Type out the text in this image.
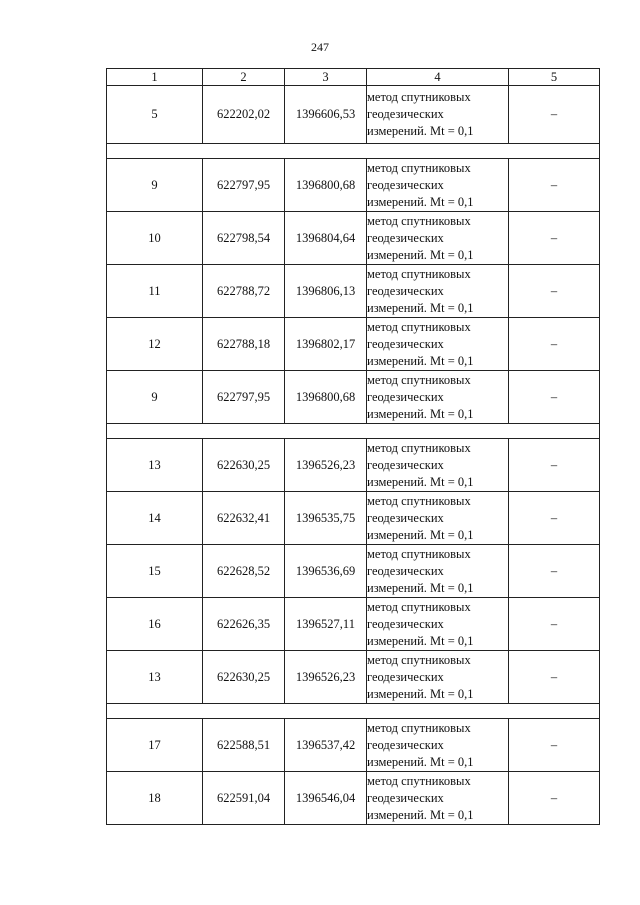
247
1	2	3	4	5
5	622202,02	1396606,53	метод спутниковых
геодезических
измерений. Mt = 0,1	–

9	622797,95	1396800,68	метод спутниковых
геодезических
измерений. Mt = 0,1	–
10	622798,54	1396804,64	метод спутниковых
геодезических
измерений. Mt = 0,1	–
11	622788,72	1396806,13	метод спутниковых
геодезических
измерений. Mt = 0,1	–
12	622788,18	1396802,17	метод спутниковых
геодезических
измерений. Mt = 0,1	–
9	622797,95	1396800,68	метод спутниковых
геодезических
измерений. Mt = 0,1	–

13	622630,25	1396526,23	метод спутниковых
геодезических
измерений. Mt = 0,1	–
14	622632,41	1396535,75	метод спутниковых
геодезических
измерений. Mt = 0,1	–
15	622628,52	1396536,69	метод спутниковых
геодезических
измерений. Mt = 0,1	–
16	622626,35	1396527,11	метод спутниковых
геодезических
измерений. Mt = 0,1	–
13	622630,25	1396526,23	метод спутниковых
геодезических
измерений. Mt = 0,1	–

17	622588,51	1396537,42	метод спутниковых
геодезических
измерений. Mt = 0,1	–
18	622591,04	1396546,04	метод спутниковых
геодезических
измерений. Mt = 0,1	–
